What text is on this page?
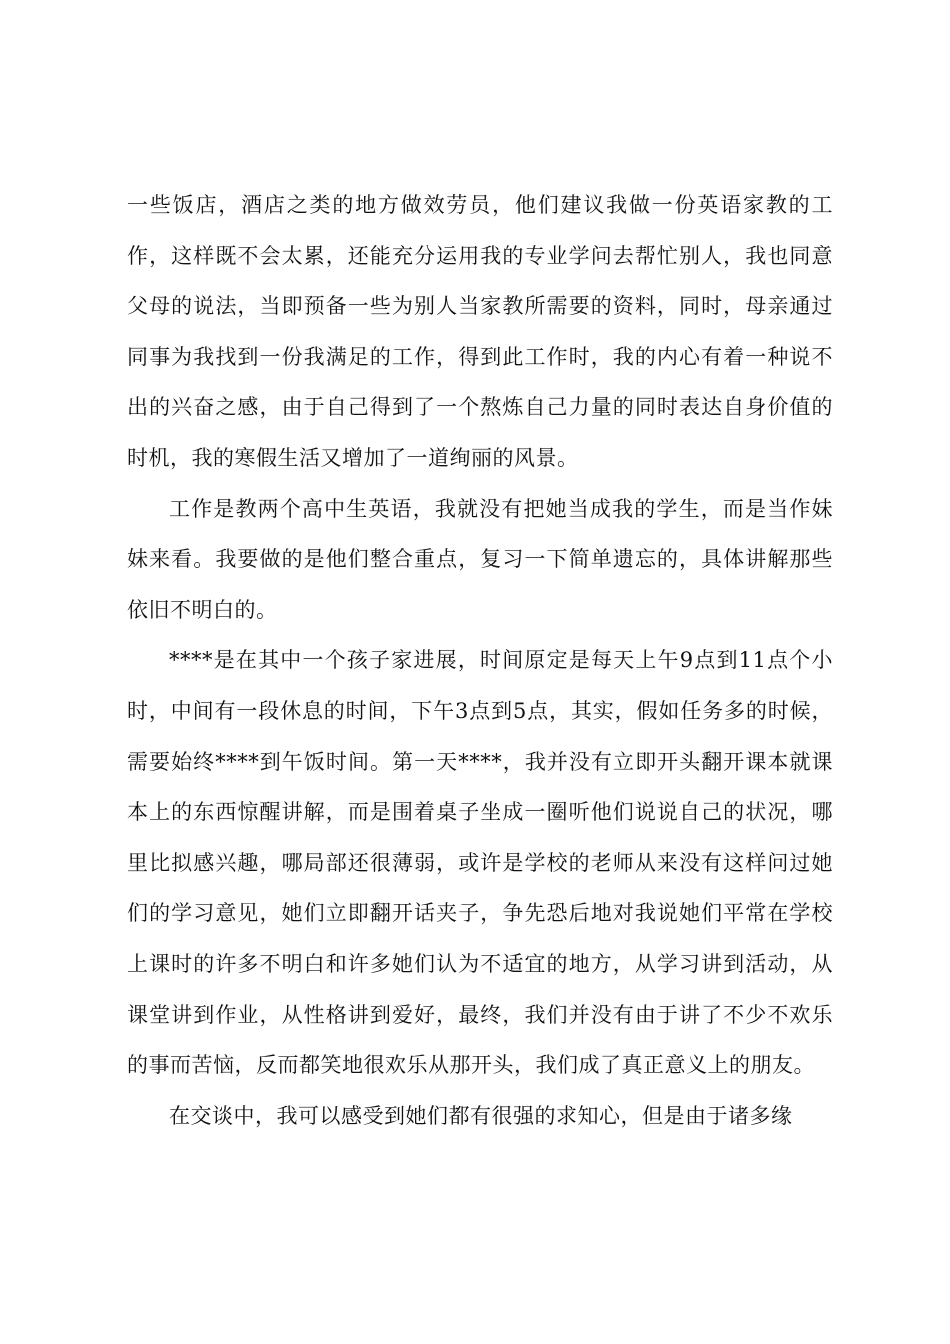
一些饭店，酒店之类的地方做效劳员，他们建议我做一份英语家教的工作，这样既不会太累，还能充分运用我的专业学问去帮忙别人，我也同意父母的说法，当即预备一些为别人当家教所需要的资料，同时，母亲通过同事为我找到一份我满足的工作，得到此工作时，我的内心有着一种说不出的兴奋之感，由于自己得到了一个熬炼自己力量的同时表达自身价值的时机，我的寒假生活又增加了一道绚丽的风景。

工作是教两个高中生英语，我就没有把她当成我的学生，而是当作妹妹来看。我要做的是他们整合重点，复习一下简单遗忘的，具体讲解那些依旧不明白的。

****是在其中一个孩子家进展，时间原定是每天上午9点到11点个小时，中间有一段休息的时间，下午3点到5点，其实，假如任务多的时候，需要始终****到午饭时间。第一天****，我并没有立即开头翻开课本就课本上的东西惊醒讲解，而是围着桌子坐成一圈听他们说说自己的状况，哪里比拟感兴趣，哪局部还很薄弱，或许是学校的老师从来没有这样问过她们的学习意见，她们立即翻开话夹子，争先恐后地对我说她们平常在学校上课时的许多不明白和许多她们认为不适宜的地方，从学习讲到活动，从课堂讲到作业，从性格讲到爱好，最终，我们并没有由于讲了不少不欢乐的事而苦恼，反而都笑地很欢乐从那开头，我们成了真正意义上的朋友。

在交谈中，我可以感受到她们都有很强的求知心，但是由于诸多缘
